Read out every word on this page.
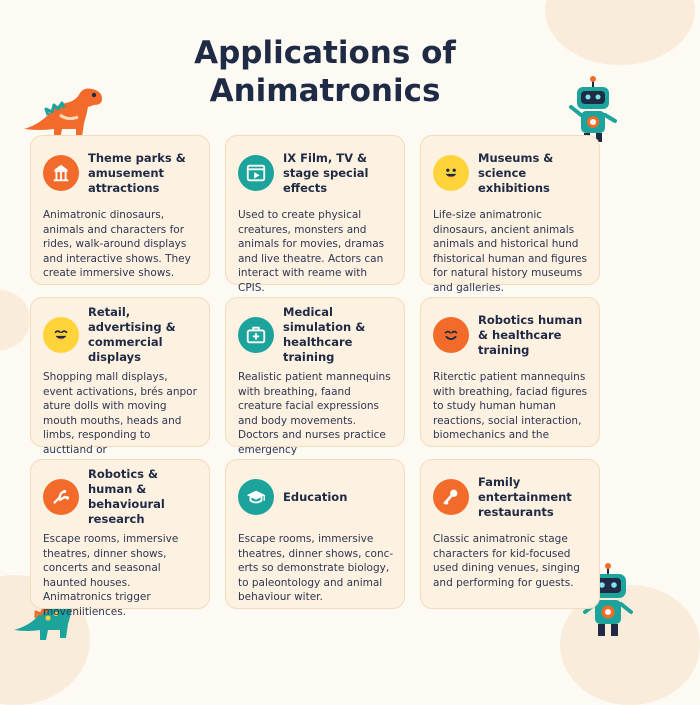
Applications of
Animatronics
Theme parks & amusement attractions
Animatronic dinosaurs, animals and characters for rides, walk-around displays and interactive shows. They create immersive shows.
IX Film, TV & stage special effects
Used to create physical creatures, monsters and animals for movies, dramas and live theatre. Actors can interact with reame with CPIS.
Museums & science exhibitions
Life-size animatronic dinosaurs, ancient animals animals and historical hund fhistorical human and figures for natural history museums and galleries.
Retail, advertising & commercial displays
Shopping mall displays, event activations, brés anpor ature dolls with moving mouth mouths, heads and limbs, responding to aucttiand or
Medical simulation & healthcare training
Realistic patient mannequins with breathing, faand creature facial expressions and body movements. Doctors and nurses practice emergency
Robotics human & healthcare training
Riterctic patient mannequins with breathing, faciad figures to study human human reactions, social interaction, biomechanics and the
Robotics & human & behavioural research
Escape rooms, immersive theatres, dinner shows, concerts and seasonal haunted houses. Animatronics trigger moveniitiences.
Education
Escape rooms, immersive theatres, dinner shows, conc-erts so demonstrate biology, to paleontology and animal behaviour witer.
Family entertainment restaurants
Classic animatronic stage characters for kid-focused used dining venues, singing and performing for guests.
